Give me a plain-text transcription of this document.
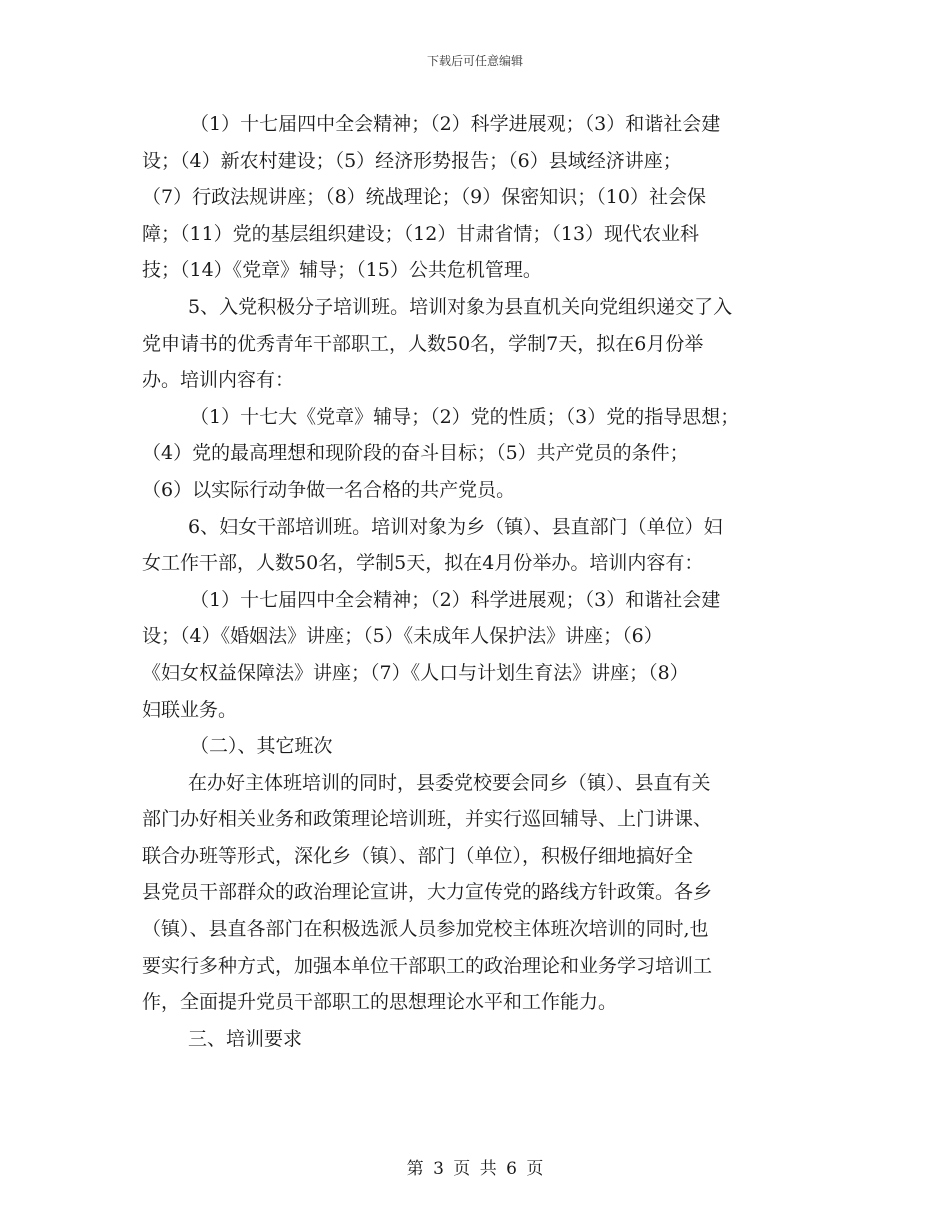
下载后可任意编辑
（1）十七届四中全会精神；（2）科学进展观；（3）和谐社会建
设；（4）新农村建设；（5）经济形势报告；（6）县域经济讲座；
（7）行政法规讲座；（8）统战理论；（9）保密知识；（10）社会保
障；（11）党的基层组织建设；（12）甘肃省情；（13）现代农业科
技；（14）《党章》辅导；（15）公共危机管理。
5、入党积极分子培训班。培训对象为县直机关向党组织递交了入
党申请书的优秀青年干部职工，人数50名，学制7天，拟在6月份举
办。培训内容有：
（1）十七大《党章》辅导；（2）党的性质；（3）党的指导思想；
（4）党的最高理想和现阶段的奋斗目标；（5）共产党员的条件；
（6）以实际行动争做一名合格的共产党员。
6、妇女干部培训班。培训对象为乡（镇）、县直部门（单位）妇
女工作干部，人数50名，学制5天，拟在4月份举办。培训内容有：
（1）十七届四中全会精神；（2）科学进展观；（3）和谐社会建
设；（4）《婚姻法》讲座；（5）《未成年人保护法》讲座；（6）
《妇女权益保障法》讲座；（7）《人口与计划生育法》讲座；（8）
妇联业务。
（二）、其它班次
在办好主体班培训的同时，县委党校要会同乡（镇）、县直有关
部门办好相关业务和政策理论培训班，并实行巡回辅导、上门讲课、
联合办班等形式，深化乡（镇）、部门（单位），积极仔细地搞好全
县党员干部群众的政治理论宣讲，大力宣传党的路线方针政策。各乡
（镇）、县直各部门在积极选派人员参加党校主体班次培训的同时,也
要实行多种方式，加强本单位干部职工的政治理论和业务学习培训工
作，全面提升党员干部职工的思想理论水平和工作能力。
三、培训要求
第 3 页 共 6 页
